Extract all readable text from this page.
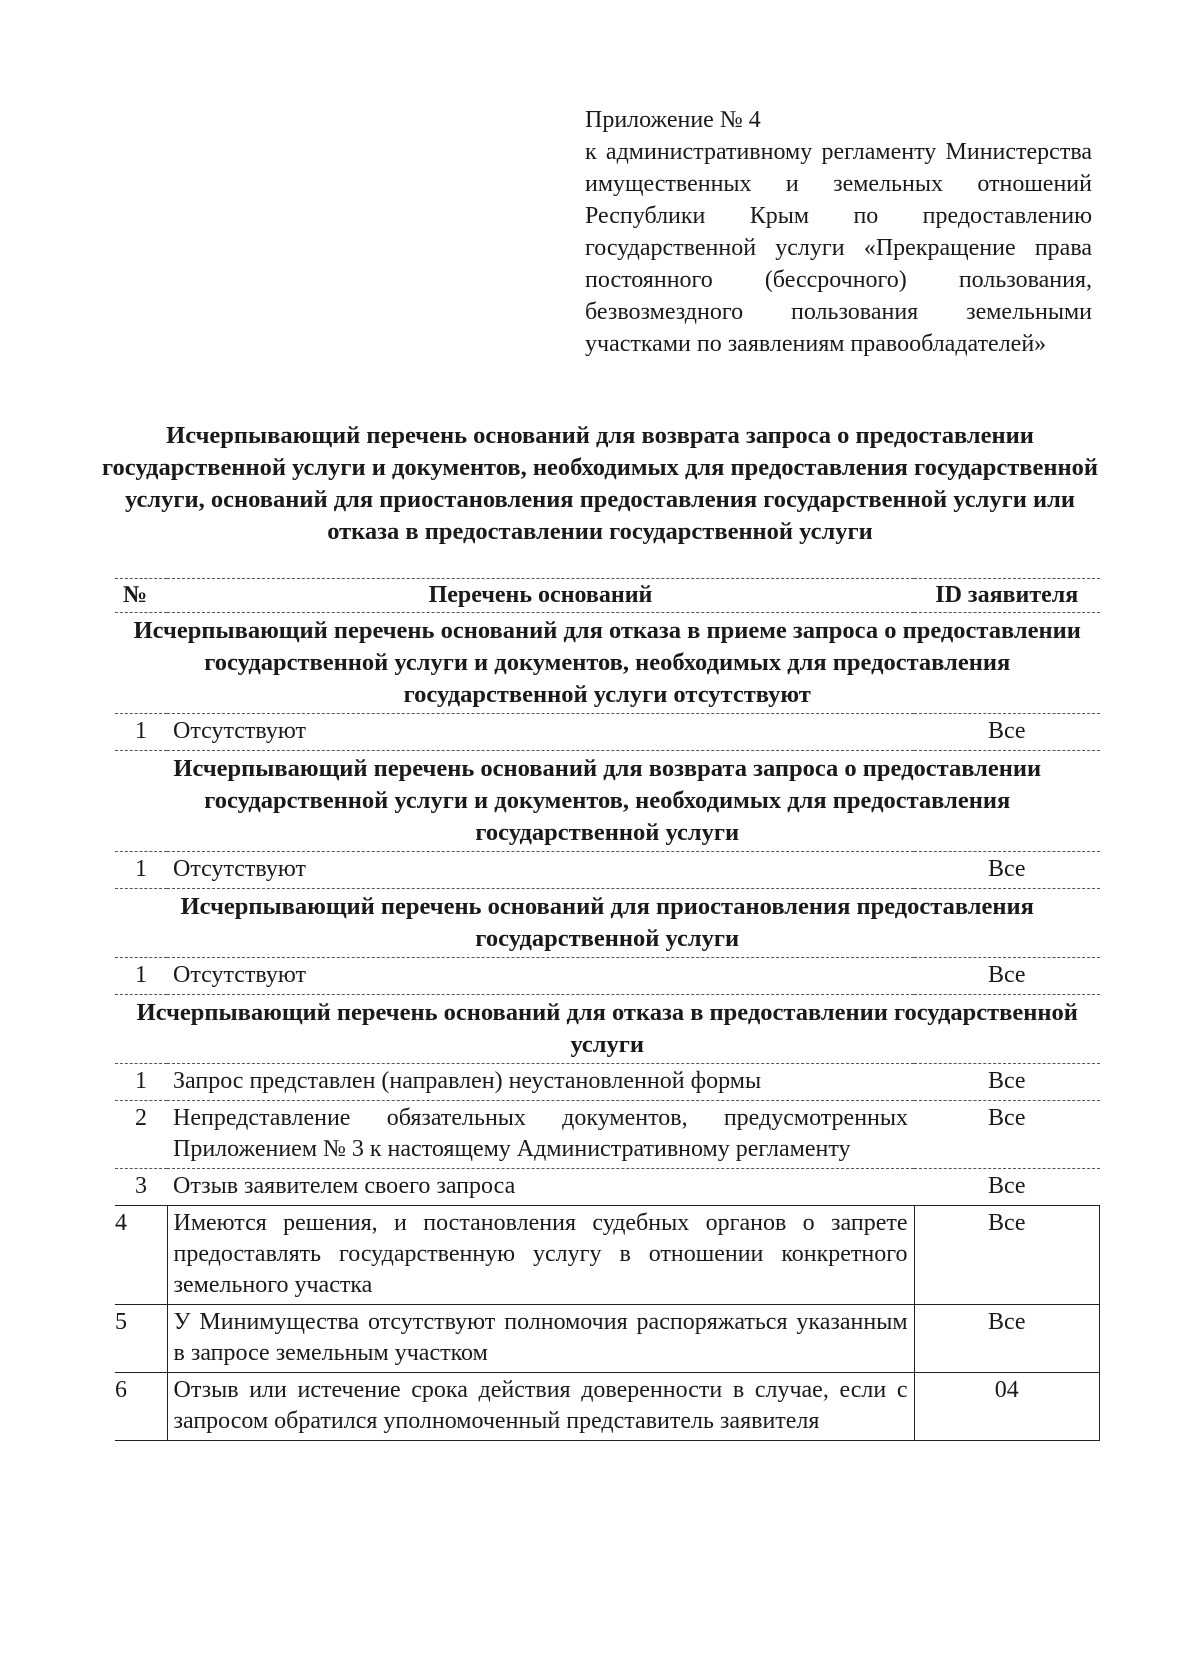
Приложение № 4
к административному регламенту Министерства имущественных и земельных отношений Республики Крым по предоставлению государственной услуги «Прекращение права постоянного (бессрочного) пользования, безвозмездного пользования земельными участками по заявлениям правообладателей»
Исчерпывающий перечень оснований для возврата запроса о предоставлении государственной услуги и документов, необходимых для предоставления государственной услуги, оснований для приостановления предоставления государственной услуги или отказа в предоставлении государственной услуги
№	Перечень оснований	ID заявителя
Исчерпывающий перечень оснований для отказа в приеме запроса о предоставлении государственной услуги и документов, необходимых для предоставления государственной услуги отсутствуют		
1	Отсутствуют	Все
Исчерпывающий перечень оснований для возврата запроса о предоставлении государственной услуги и документов, необходимых для предоставления государственной услуги		
1	Отсутствуют	Все
Исчерпывающий перечень оснований для приостановления предоставления государственной услуги		
1	Отсутствуют	Все
Исчерпывающий перечень оснований для отказа в предоставлении государственной услуги		
1	Запрос представлен (направлен) неустановленной формы	Все
2	Непредставление обязательных документов, предусмотренных Приложением № 3 к настоящему Административному регламенту	Все
3	Отзыв заявителем своего запроса	Все
4	Имеются решения, и постановления судебных органов о запрете предоставлять государственную услугу в отношении конкретного земельного участка	Все
5	У Минимущества отсутствуют полномочия распоряжаться указанным в запросе земельным участком	Все
6	Отзыв или истечение срока действия доверенности в случае, если с запросом обратился уполномоченный представитель заявителя	04
